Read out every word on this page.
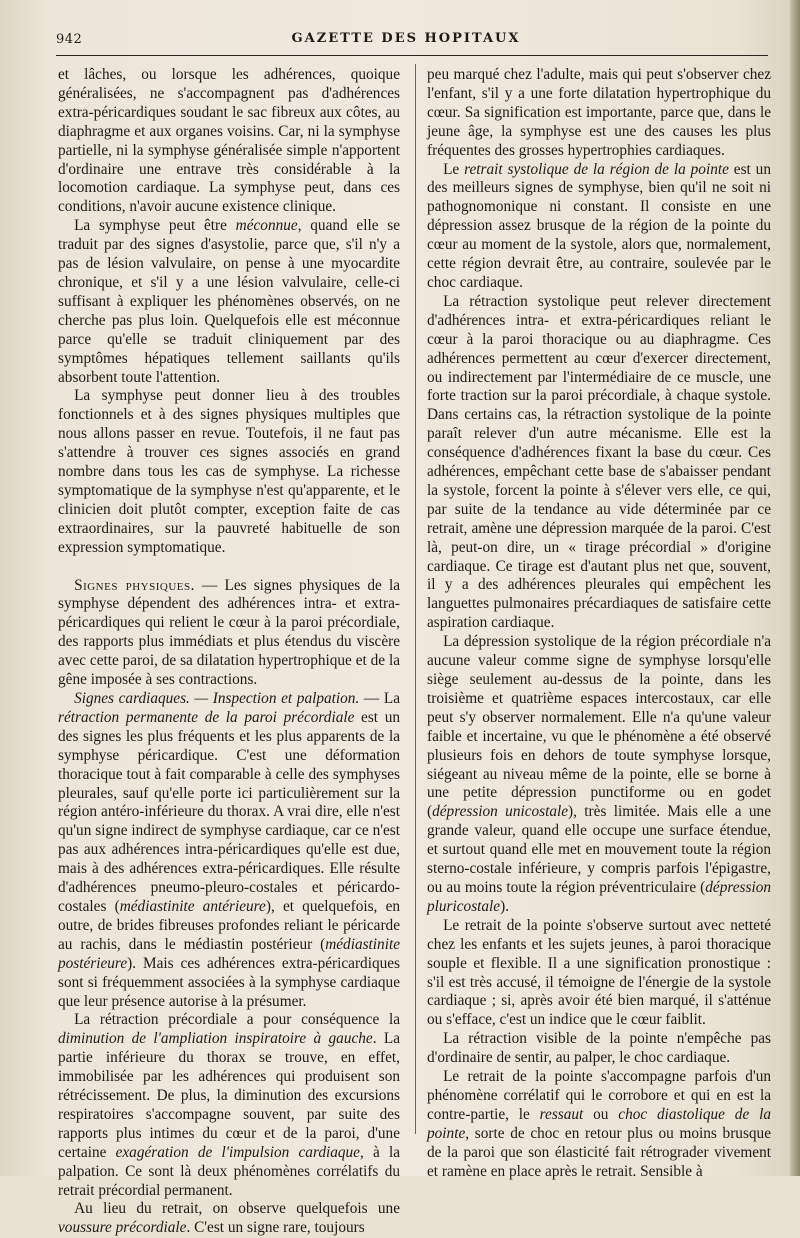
942	GAZETTE DES HOPITAUX

et lâches, ou lorsque les adhérences, quoique généralisées, ne s'accompagnent pas d'adhérences extra-péricardiques soudant le sac fibreux aux côtes, au diaphragme et aux organes voisins. Car, ni la symphyse partielle, ni la symphyse généralisée simple n'apportent d'ordinaire une entrave très considérable à la locomotion cardiaque. La symphyse peut, dans ces conditions, n'avoir aucune existence clinique.

La symphyse peut être méconnue, quand elle se traduit par des signes d'asystolie, parce que, s'il n'y a pas de lésion valvulaire, on pense à une myocardite chronique, et s'il y a une lésion valvulaire, celle-ci suffisant à expliquer les phénomènes observés, on ne cherche pas plus loin. Quelquefois elle est méconnue parce qu'elle se traduit cliniquement par des symptômes hépatiques tellement saillants qu'ils absorbent toute l'attention.

La symphyse peut donner lieu à des troubles fonctionnels et à des signes physiques multiples que nous allons passer en revue. Toutefois, il ne faut pas s'attendre à trouver ces signes associés en grand nombre dans tous les cas de symphyse. La richesse symptomatique de la symphyse n'est qu'apparente, et le clinicien doit plutôt compter, exception faite de cas extraordinaires, sur la pauvreté habituelle de son expression symptomatique.

Signes physiques. — Les signes physiques de la symphyse dépendent des adhérences intra- et extra-péricardiques qui relient le cœur à la paroi précordiale, des rapports plus immédiats et plus étendus du viscère avec cette paroi, de sa dilatation hypertrophique et de la gêne imposée à ses contractions.

Signes cardiaques. — Inspection et palpation. — La rétraction permanente de la paroi précordiale est un des signes les plus fréquents et les plus apparents de la symphyse péricardique. C'est une déformation thoracique tout à fait comparable à celle des symphyses pleurales, sauf qu'elle porte ici particulièrement sur la région antéro-inférieure du thorax. A vrai dire, elle n'est qu'un signe indirect de symphyse cardiaque, car ce n'est pas aux adhérences intra-péricardiques qu'elle est due, mais à des adhérences extra-péricardiques. Elle résulte d'adhérences pneumo-pleuro-costales et péricardo-costales (médiastinite antérieure), et quelquefois, en outre, de brides fibreuses profondes reliant le péricarde au rachis, dans le médiastin postérieur (médiastinite postérieure). Mais ces adhérences extra-péricardiques sont si fréquemment associées à la symphyse cardiaque que leur présence autorise à la présumer.

La rétraction précordiale a pour conséquence la diminution de l'ampliation inspiratoire à gauche. La partie inférieure du thorax se trouve, en effet, immobilisée par les adhérences qui produisent son rétrécissement. De plus, la diminution des excursions respiratoires s'accompagne souvent, par suite des rapports plus intimes du cœur et de la paroi, d'une certaine exagération de l'impulsion cardiaque, à la palpation. Ce sont là deux phénomènes corrélatifs du retrait précordial permanent.

Au lieu du retrait, on observe quelquefois une voussure précordiale. C'est un signe rare, toujours

peu marqué chez l'adulte, mais qui peut s'observer chez l'enfant, s'il y a une forte dilatation hypertrophique du cœur. Sa signification est importante, parce que, dans le jeune âge, la symphyse est une des causes les plus fréquentes des grosses hypertrophies cardiaques.

Le retrait systolique de la région de la pointe est un des meilleurs signes de symphyse, bien qu'il ne soit ni pathognomonique ni constant. Il consiste en une dépression assez brusque de la région de la pointe du cœur au moment de la systole, alors que, normalement, cette région devrait être, au contraire, soulevée par le choc cardiaque.

La rétraction systolique peut relever directement d'adhérences intra- et extra-péricardiques reliant le cœur à la paroi thoracique ou au diaphragme. Ces adhérences permettent au cœur d'exercer directement, ou indirectement par l'intermédiaire de ce muscle, une forte traction sur la paroi précordiale, à chaque systole. Dans certains cas, la rétraction systolique de la pointe paraît relever d'un autre mécanisme. Elle est la conséquence d'adhérences fixant la base du cœur. Ces adhérences, empêchant cette base de s'abaisser pendant la systole, forcent la pointe à s'élever vers elle, ce qui, par suite de la tendance au vide déterminée par ce retrait, amène une dépression marquée de la paroi. C'est là, peut-on dire, un « tirage précordial » d'origine cardiaque. Ce tirage est d'autant plus net que, souvent, il y a des adhérences pleurales qui empêchent les languettes pulmonaires précardiaques de satisfaire cette aspiration cardiaque.

La dépression systolique de la région précordiale n'a aucune valeur comme signe de symphyse lorsqu'elle siège seulement au-dessus de la pointe, dans les troisième et quatrième espaces intercostaux, car elle peut s'y observer normalement. Elle n'a qu'une valeur faible et incertaine, vu que le phénomène a été observé plusieurs fois en dehors de toute symphyse lorsque, siégeant au niveau même de la pointe, elle se borne à une petite dépression punctiforme ou en godet (dépression unicostale), très limitée. Mais elle a une grande valeur, quand elle occupe une surface étendue, et surtout quand elle met en mouvement toute la région sterno-costale inférieure, y compris parfois l'épigastre, ou au moins toute la région préventriculaire (dépression pluricostale).

Le retrait de la pointe s'observe surtout avec netteté chez les enfants et les sujets jeunes, à paroi thoracique souple et flexible. Il a une signification pronostique : s'il est très accusé, il témoigne de l'énergie de la systole cardiaque ; si, après avoir été bien marqué, il s'atténue ou s'efface, c'est un indice que le cœur faiblit.

La rétraction visible de la pointe n'empêche pas d'ordinaire de sentir, au palper, le choc cardiaque.

Le retrait de la pointe s'accompagne parfois d'un phénomène corrélatif qui le corrobore et qui en est la contre-partie, le ressaut ou choc diastolique de la pointe, sorte de choc en retour plus ou moins brusque de la paroi que son élasticité fait rétrograder vivement et ramène en place après le retrait. Sensible à
